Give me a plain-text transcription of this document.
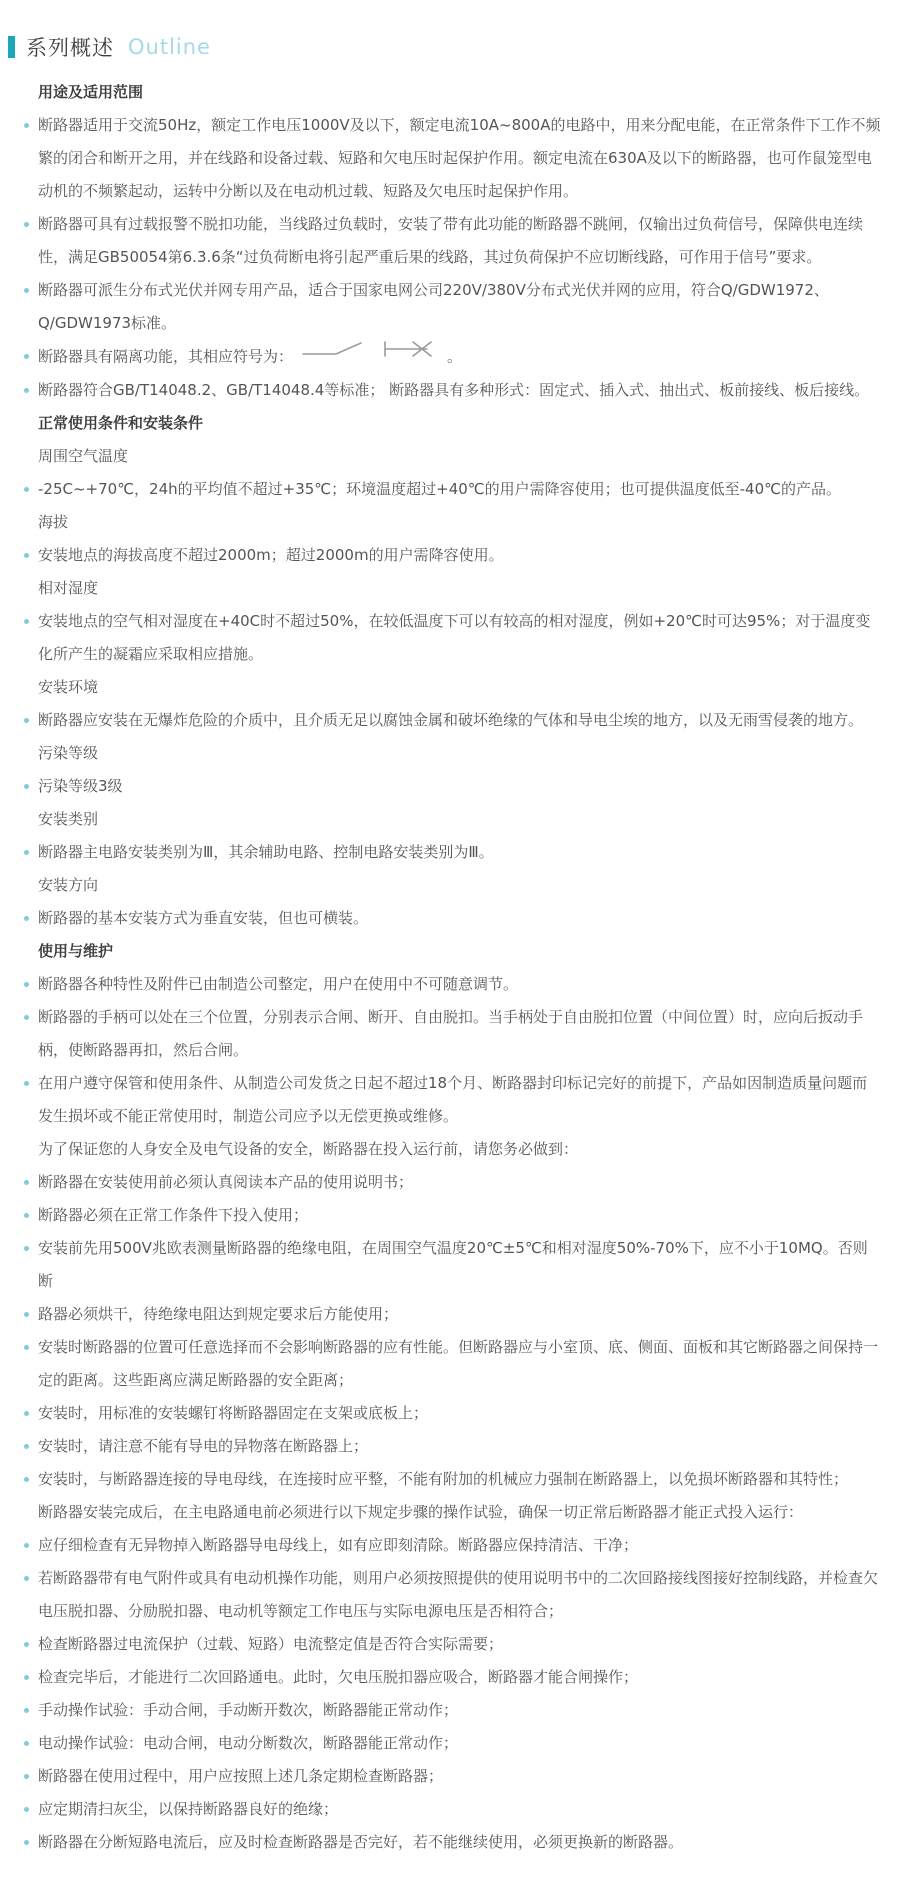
系列概述 Outline
用途及适用范围
断路器适用于交流50Hz，额定工作电压1000V及以下，额定电流10A~800A的电路中，用来分配电能，在正常条件下工作不频繁的闭合和断开之用，并在线路和设备过载、短路和欠电压时起保护作用。额定电流在630A及以下的断路器，也可作鼠笼型电动机的不频繁起动，运转中分断以及在电动机过载、短路及欠电压时起保护作用。
断路器可具有过载报警不脱扣功能，当线路过负载时，安装了带有此功能的断路器不跳闸，仅输出过负荷信号，保障供电连续性，满足GB50054第6.3.6条“过负荷断电将引起严重后果的线路，其过负荷保护不应切断线路，可作用于信号”要求。
断路器可派生分布式光伏并网专用产品，适合于国家电网公司220V/380V分布式光伏并网的应用，符合Q/GDW1972、Q/GDW1973标准。
断路器具有隔离功能，其相应符号为：	。
断路器符合GB/T14048.2、GB/T14048.4等标准； 断路器具有多种形式：固定式、插入式、抽出式、板前接线、板后接线。
正常使用条件和安装条件
周围空气温度
-25C~+70℃，24h的平均值不超过+35℃；环境温度超过+40℃的用户需降容使用；也可提供温度低至-40℃的产品。
海拔
安装地点的海拔高度不超过2000m；超过2000m的用户需降容使用。
相对湿度
安装地点的空气相对湿度在+40C时不超过50%，在较低温度下可以有较高的相对湿度，例如+20℃时可达95%；对于温度变化所产生的凝霜应采取相应措施。
安装环境
断路器应安装在无爆炸危险的介质中，且介质无足以腐蚀金属和破坏绝缘的气体和导电尘埃的地方，以及无雨雪侵袭的地方。
污染等级
污染等级3级
安装类别
断路器主电路安装类别为Ⅲ，其余辅助电路、控制电路安装类别为Ⅲ。
安装方向
断路器的基本安装方式为垂直安装，但也可横装。
使用与维护
断路器各种特性及附件已由制造公司整定，用户在使用中不可随意调节。
断路器的手柄可以处在三个位置，分别表示合闸、断开、自由脱扣。当手柄处于自由脱扣位置（中间位置）时，应向后扳动手柄，使断路器再扣，然后合闸。
在用户遵守保管和使用条件、从制造公司发货之日起不超过18个月、断路器封印标记完好的前提下，产品如因制造质量问题而发生损坏或不能正常使用时，制造公司应予以无偿更换或维修。
为了保证您的人身安全及电气设备的安全，断路器在投入运行前，请您务必做到：
断路器在安装使用前必须认真阅读本产品的使用说明书；
断路器必须在正常工作条件下投入使用；
安装前先用500V兆欧表测量断路器的绝缘电阻，在周围空气温度20℃±5℃和相对湿度50%-70%下，应不小于10MQ。否则断
路器必须烘干，待绝缘电阻达到规定要求后方能使用；
安装时断路器的位置可任意选择而不会影响断路器的应有性能。但断路器应与小室顶、底、侧面、面板和其它断路器之间保持一定的距离。这些距离应满足断路器的安全距离；
安装时，用标准的安装螺钉将断路器固定在支架或底板上；
安装时，请注意不能有导电的异物落在断路器上；
安装时，与断路器连接的导电母线，在连接时应平整，不能有附加的机械应力强制在断路器上，以免损坏断路器和其特性；
断路器安装完成后，在主电路通电前必须进行以下规定步骤的操作试验，确保一切正常后断路器才能正式投入运行：
应仔细检查有无异物掉入断路器导电母线上，如有应即刻清除。断路器应保持清洁、干净；
若断路器带有电气附件或具有电动机操作功能，则用户必须按照提供的使用说明书中的二次回路接线图接好控制线路，并检查欠电压脱扣器、分励脱扣器、电动机等额定工作电压与实际电源电压是否相符合；
检查断路器过电流保护（过载、短路）电流整定值是否符合实际需要；
检查完毕后，才能进行二次回路通电。此时，欠电压脱扣器应吸合，断路器才能合闸操作；
手动操作试验：手动合闸，手动断开数次，断路器能正常动作；
电动操作试验：电动合闸，电动分断数次，断路器能正常动作；
断路器在使用过程中，用户应按照上述几条定期检查断路器；
应定期清扫灰尘，以保持断路器良好的绝缘；
断路器在分断短路电流后，应及时检查断路器是否完好，若不能继续使用，必须更换新的断路器。
